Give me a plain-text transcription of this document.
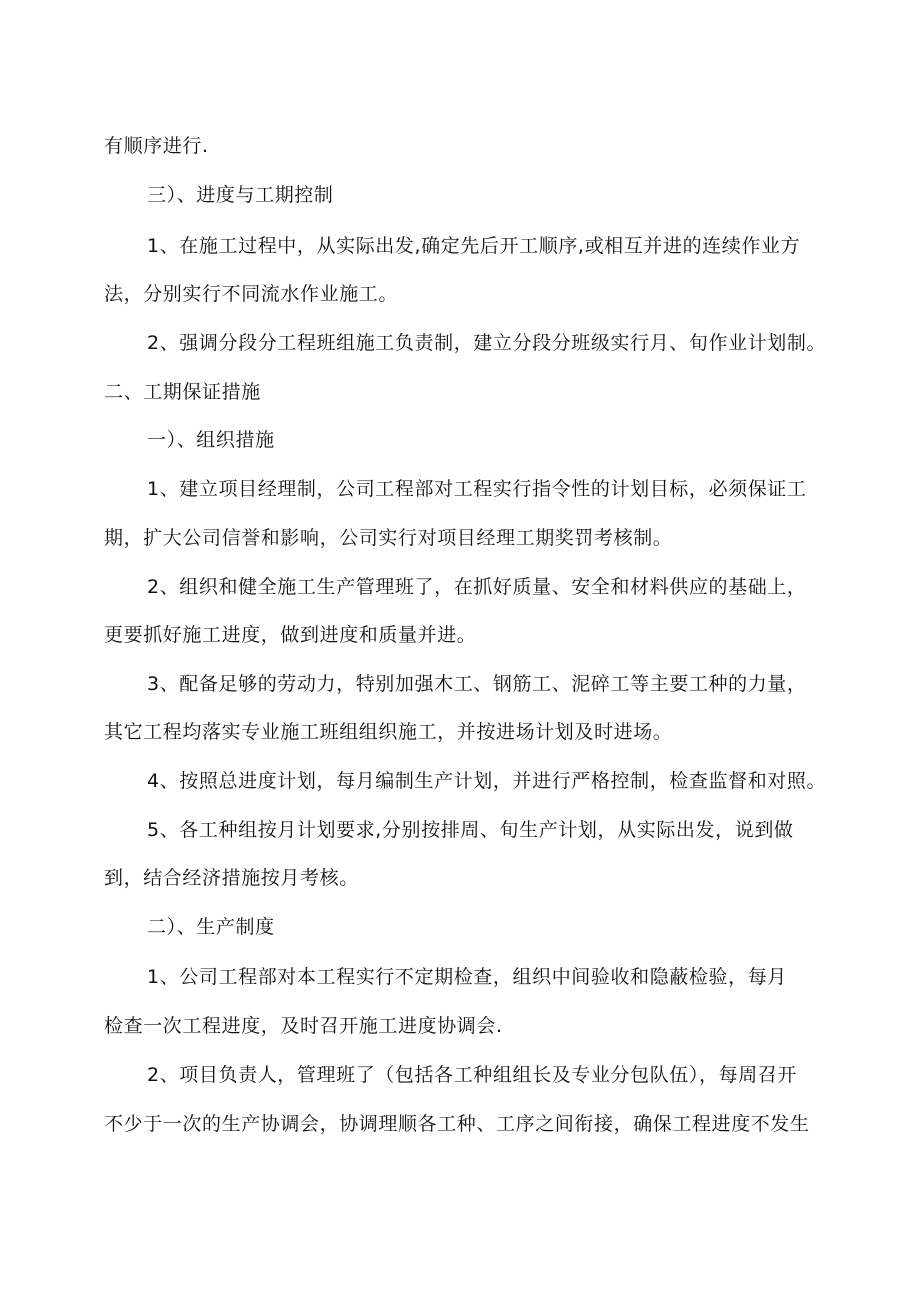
有顺序进行.
三）、进度与工期控制
1、在施工过程中，从实际出发,确定先后开工顺序,或相互并进的连续作业方
法，分别实行不同流水作业施工。
2、强调分段分工程班组施工负责制，建立分段分班级实行月、旬作业计划制。
二、工期保证措施
一）、组织措施
1、建立项目经理制，公司工程部对工程实行指令性的计划目标，必须保证工
期，扩大公司信誉和影响，公司实行对项目经理工期奖罚考核制。
2、组织和健全施工生产管理班了，在抓好质量、安全和材料供应的基础上，
更要抓好施工进度，做到进度和质量并进。
3、配备足够的劳动力，特别加强木工、钢筋工、泥碎工等主要工种的力量，
其它工程均落实专业施工班组组织施工，并按进场计划及时进场。
4、按照总进度计划，每月编制生产计划，并进行严格控制，检查监督和对照。
5、各工种组按月计划要求,分别按排周、旬生产计划，从实际出发，说到做
到，结合经济措施按月考核。
二）、生产制度
1、公司工程部对本工程实行不定期检查，组织中间验收和隐蔽检验，每月
检查一次工程进度，及时召开施工进度协调会.
2、项目负责人，管理班了（包括各工种组组长及专业分包队伍），每周召开
不少于一次的生产协调会，协调理顺各工种、工序之间衔接，确保工程进度不发生
